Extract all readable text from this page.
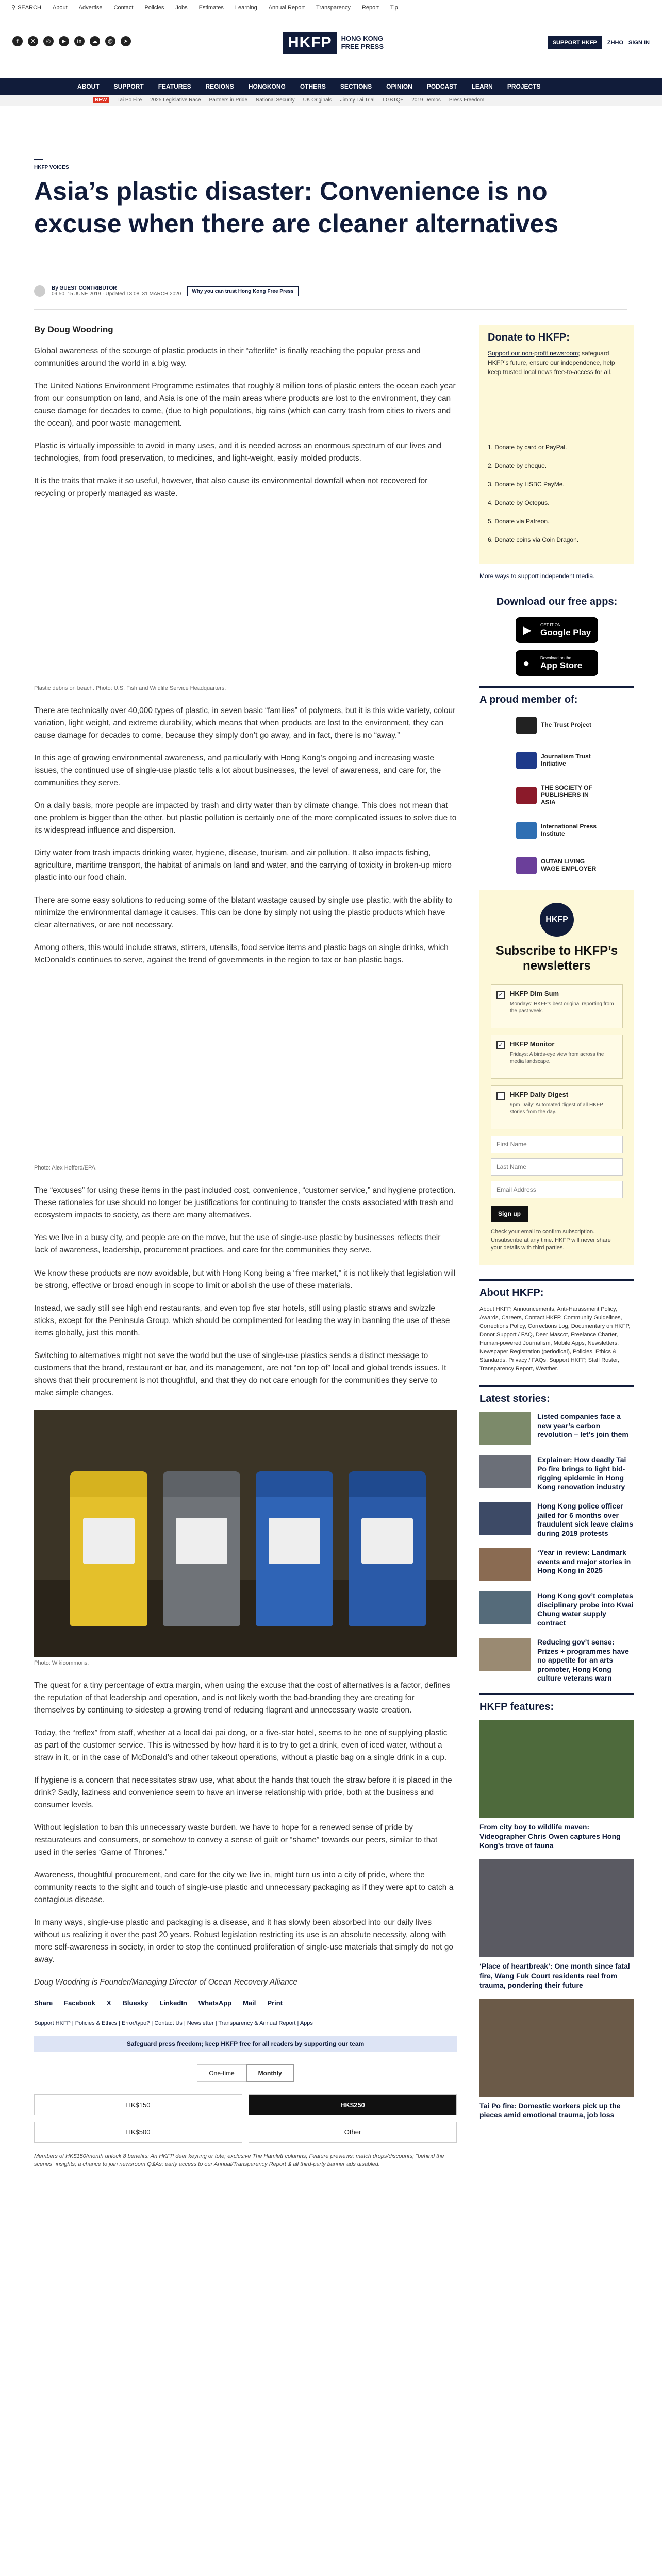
⚲ SEARCH About Advertise Contact Policies Jobs Estimates Learning Annual Report Transparency Report Tip
f	X	◎	▶	in	☁	@	➤	HKFP	HONG KONG
FREE PRESS	SUPPORT HKFP	ZHHO SIGN IN
ABOUT SUPPORT FEATURES REGIONS HONGKONG OTHERS SECTIONS OPINION PODCAST LEARN PROJECTS
NEW	Tai Po Fire 2025 Legislative Race Partners in Pride National Security UK Originals Jimmy Lai Trial LGBTQ+ 2019 Demos Press Freedom
HKFP VOICES
Asia’s plastic disaster: Convenience is no excuse when there are cleaner alternatives
By GUEST CONTRIBUTOR
09:50, 15 JUNE 2019 · Updated 13:08, 31 MARCH 2020	Why you can trust Hong Kong Free Press
By Doug Woodring

Global awareness of the scourge of plastic products in their “afterlife” is finally reaching the popular press and communities around the world in a big way.

The United Nations Environment Programme estimates that roughly 8 million tons of plastic enters the ocean each year from our consumption on land, and Asia is one of the main areas where products are lost to the environment, they can cause damage for decades to come, (due to high populations, big rains (which can carry trash from cities to rivers and the ocean), and poor waste management.

Plastic is virtually impossible to avoid in many uses, and it is needed across an enormous spectrum of our lives and technologies, from food preservation, to medicines, and light-weight, easily molded products.

It is the traits that make it so useful, however, that also cause its environmental downfall when not recovered for recycling or properly managed as waste.

Plastic debris on beach. Photo: U.S. Fish and Wildlife Service Headquarters.

There are technically over 40,000 types of plastic, in seven basic “families” of polymers, but it is this wide variety, colour variation, light weight, and extreme durability, which means that when products are lost to the environment, they can cause damage for decades to come, because they simply don’t go away, and in fact, there is no “away.”

In this age of growing environmental awareness, and particularly with Hong Kong’s ongoing and increasing waste issues, the continued use of single-use plastic tells a lot about businesses, the level of awareness, and care for, the communities they serve.

On a daily basis, more people are impacted by trash and dirty water than by climate change. This does not mean that one problem is bigger than the other, but plastic pollution is certainly one of the more complicated issues to solve due to its widespread influence and dispersion.

Dirty water from trash impacts drinking water, hygiene, disease, tourism, and air pollution. It also impacts fishing, agriculture, maritime transport, the habitat of animals on land and water, and the carrying of toxicity in broken-up micro plastic into our food chain.

There are some easy solutions to reducing some of the blatant wastage caused by single use plastic, with the ability to minimize the environmental damage it causes. This can be done by simply not using the plastic products which have clear alternatives, or are not necessary.

Among others, this would include straws, stirrers, utensils, food service items and plastic bags on single drinks, which McDonald’s continues to serve, against the trend of governments in the region to tax or ban plastic bags.

Photo: Alex Hofford/EPA.

The “excuses” for using these items in the past included cost, convenience, “customer service,” and hygiene protection. These rationales for use should no longer be justifications for continuing to transfer the costs associated with trash and ecosystem impacts to society, as there are many alternatives.

Yes we live in a busy city, and people are on the move, but the use of single-use plastic by businesses reflects their lack of awareness, leadership, procurement practices, and care for the communities they serve.

We know these products are now avoidable, but with Hong Kong being a “free market,” it is not likely that legislation will be strong, effective or broad enough in scope to limit or abolish the use of these materials.

Instead, we sadly still see high end restaurants, and even top five star hotels, still using plastic straws and swizzle sticks, except for the Peninsula Group, which should be complimented for leading the way in banning the use of these items globally, just this month.

Switching to alternatives might not save the world but the use of single-use plastics sends a distinct message to customers that the brand, restaurant or bar, and its management, are not “on top of” local and global trends issues. It shows that their procurement is not thoughtful, and that they do not care enough for the communities they serve to make simple changes.

Photo: Wikicommons.

The quest for a tiny percentage of extra margin, when using the excuse that the cost of alternatives is a factor, defines the reputation of that leadership and operation, and is not likely worth the bad-branding they are creating for themselves by continuing to sidestep a growing trend of reducing flagrant and unnecessary waste creation.

Today, the “reflex” from staff, whether at a local dai pai dong, or a five-star hotel, seems to be one of supplying plastic as part of the customer service. This is witnessed by how hard it is to try to get a drink, even of iced water, without a straw in it, or in the case of McDonald’s and other takeout operations, without a plastic bag on a single drink in a cup.

If hygiene is a concern that necessitates straw use, what about the hands that touch the straw before it is placed in the drink? Sadly, laziness and convenience seem to have an inverse relationship with pride, both at the business and consumer levels.

Without legislation to ban this unnecessary waste burden, we have to hope for a renewed sense of pride by restaurateurs and consumers, or somehow to convey a sense of guilt or “shame” towards our peers, similar to that used in the series ‘Game of Thrones.’

Awareness, thoughtful procurement, and care for the city we live in, might turn us into a city of pride, where the community reacts to the sight and touch of single-use plastic and unnecessary packaging as if they were apt to catch a contagious disease.

In many ways, single-use plastic and packaging is a disease, and it has slowly been absorbed into our daily lives without us realizing it over the past 20 years. Robust legislation restricting its use is an absolute necessity, along with more self-awareness in society, in order to stop the continued proliferation of single-use materials that simply do not go away.

Doug Woodring is Founder/Managing Director of Ocean Recovery Alliance
Share Facebook X Bluesky LinkedIn WhatsApp Mail Print
Support HKFP | Policies & Ethics | Error/typo? | Contact Us | Newsletter | Transparency & Annual Report | Apps
Safeguard press freedom; keep HKFP free for all readers by supporting our team
One-time	Monthly
HK$150	HK$250
HK$500	Other
Members of HK$150/month unlock 8 benefits: An HKFP deer keyring or tote; exclusive The Hamlett columns; Feature previews; match drops/discounts; "behind the scenes" insights; a chance to join newsroom Q&As; early access to our Annual/Transparency Report & all third-party banner ads disabled.
Donate to HKFP:
Support our non-profit newsroom; safeguard HKFP’s future, ensure our independence, help keep trusted local news free-to-access for all.
1. Donate by card or PayPal.
2. Donate by cheque.
3. Donate by HSBC PayMe.
4. Donate by Octopus.
5. Donate via Patreon.
6. Donate coins via Coin Dragon.
More ways to support independent media.
Download our free apps:
▶ GET IT ON
Google Play
●	Download on the
App Store
A proud member of:
The Trust Project
Journalism Trust Initiative
THE SOCIETY OF PUBLISHERS IN ASIA
International Press Institute
OUTAN LIVING WAGE EMPLOYER
HKFP
Subscribe to HKFP’s newsletters
✓ HKFP Dim Sum
Mondays: HKFP’s best original reporting from the past week.
✓ HKFP Monitor
Fridays: A birds-eye view from across the media landscape.
HKFP Daily Digest
9pm Daily: Automated digest of all HKFP stories from the day.
First Name Last Name Email Address Sign up
Check your email to confirm subscription. Unsubscribe at any time. HKFP will never share your details with third parties.
About HKFP:
About HKFP, Announcements, Anti-Harassment Policy, Awards, Careers, Contact HKFP, Community Guidelines, Corrections Policy, Corrections Log, Documentary on HKFP, Donor Support / FAQ, Deer Mascot, Freelance Charter, Human-powered Journalism, Mobile Apps, Newsletters, Newspaper Registration (periodical), Policies, Ethics & Standards, Privacy / FAQs, Support HKFP, Staff Roster, Transparency Report, Weather.
Latest stories:
Listed companies face a new year’s carbon revolution – let’s join them
Explainer: How deadly Tai Po fire brings to light bid-rigging epidemic in Hong Kong renovation industry
Hong Kong police officer jailed for 6 months over fraudulent sick leave claims during 2019 protests
‘Year in review: Landmark events and major stories in Hong Kong in 2025
Hong Kong gov’t completes disciplinary probe into Kwai Chung water supply contract
Reducing gov’t sense: Prizes + programmes have no appetite for an arts promoter, Hong Kong culture veterans warn
HKFP features:
From city boy to wildlife maven: Videographer Chris Owen captures Hong Kong’s trove of fauna
‘Place of heartbreak’: One month since fatal fire, Wang Fuk Court residents reel from trauma, pondering their future
Tai Po fire: Domestic workers pick up the pieces amid emotional trauma, job loss
